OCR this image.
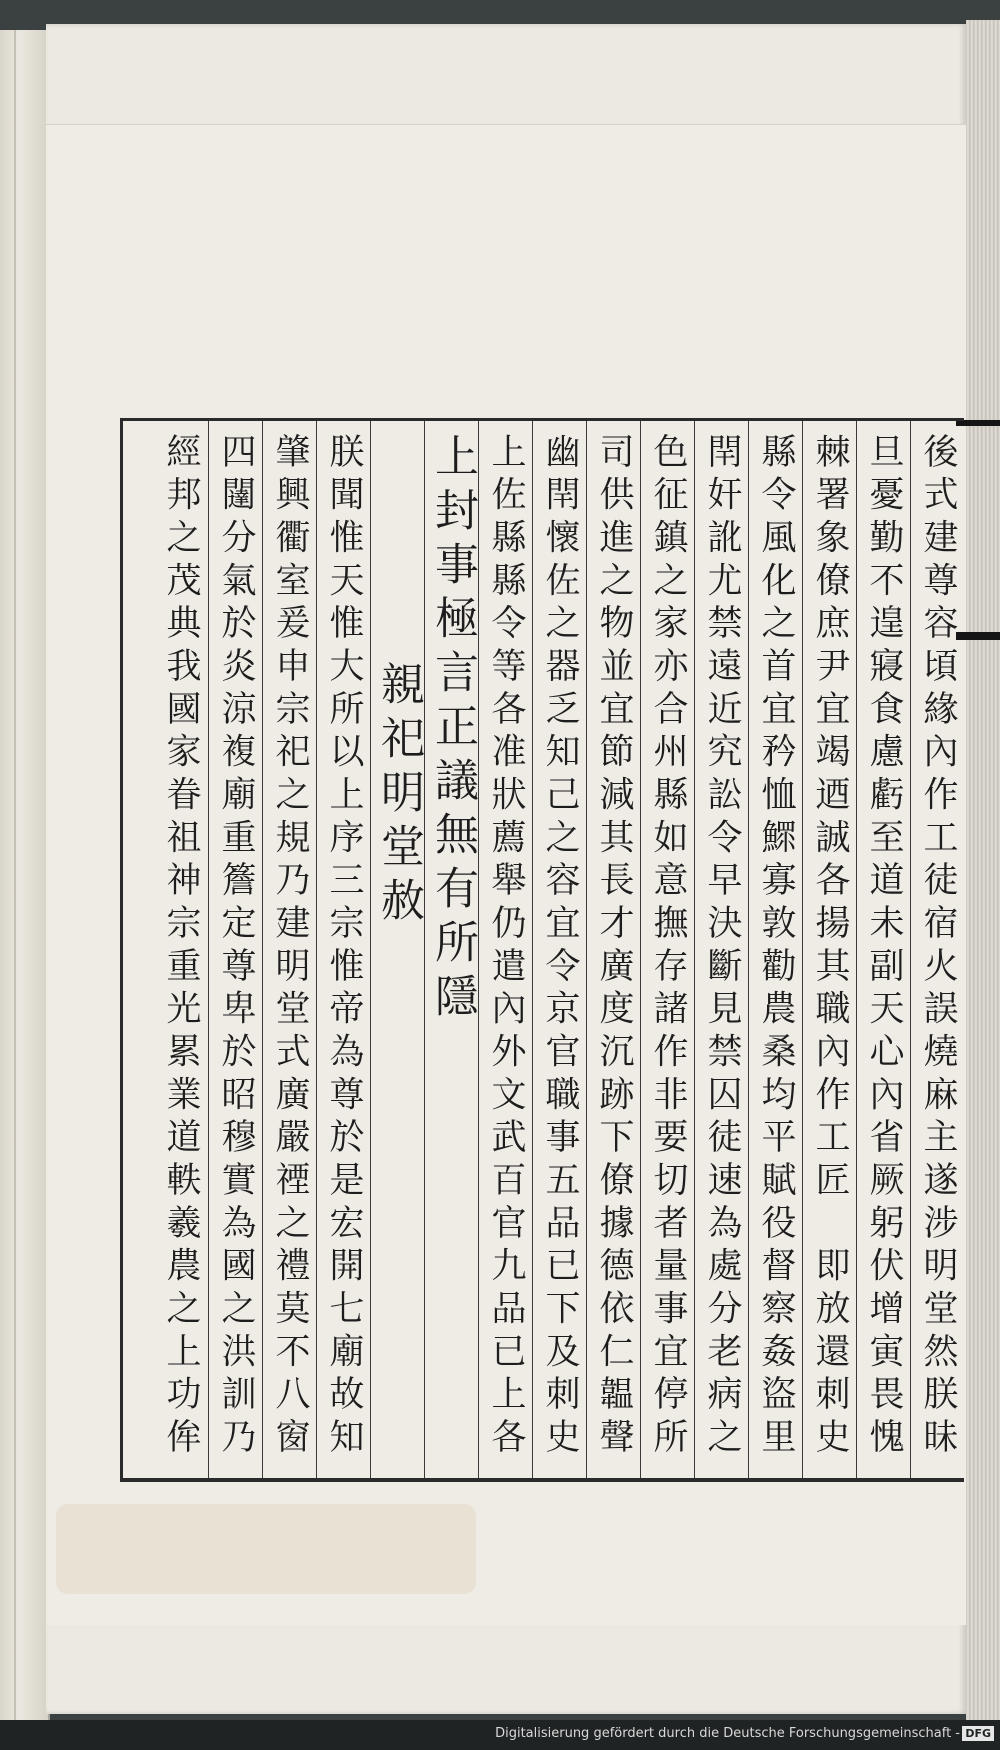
後式建尊容頃緣內作工徒宿火誤燒麻主遂涉明堂然朕昧
旦憂勤不遑寢食慮虧至道未副天心內省厥躬伏增寅畏愧
棘署象僚庶尹宜竭迺誠各揚其職內作工匠　即放還刺史
縣令風化之首宜矜恤鰥寡敦勸農桑均平賦役督察姦盜里
閈奸訛尤禁遠近究訟令早決斷見禁囚徒速為處分老病之
色征鎮之家亦合州縣如意撫存諸作非要切者量事宜停所
司供進之物並宜節減其長才廣度沉跡下僚據德依仁韞聲
幽閈懷佐之器乏知己之容宜令京官職事五品已下及刺史
上佐縣縣令等各准狀薦舉仍遣內外文武百官九品已上各
上封事極言正議無有所隱
親祀明堂赦
朕聞惟天惟大所以上序三宗惟帝為尊於是宏開七廟故知
肇興衢室爰申宗祀之規乃建明堂式廣嚴禋之禮莫不八窗
四闥分氣於炎涼複廟重簷定尊卑於昭穆實為國之洪訓乃
經邦之茂典我國家眷祖神宗重光累業道軼羲農之上功侔
Digitalisierung gefördert durch die Deutsche Forschungsgemeinschaft - DFG
